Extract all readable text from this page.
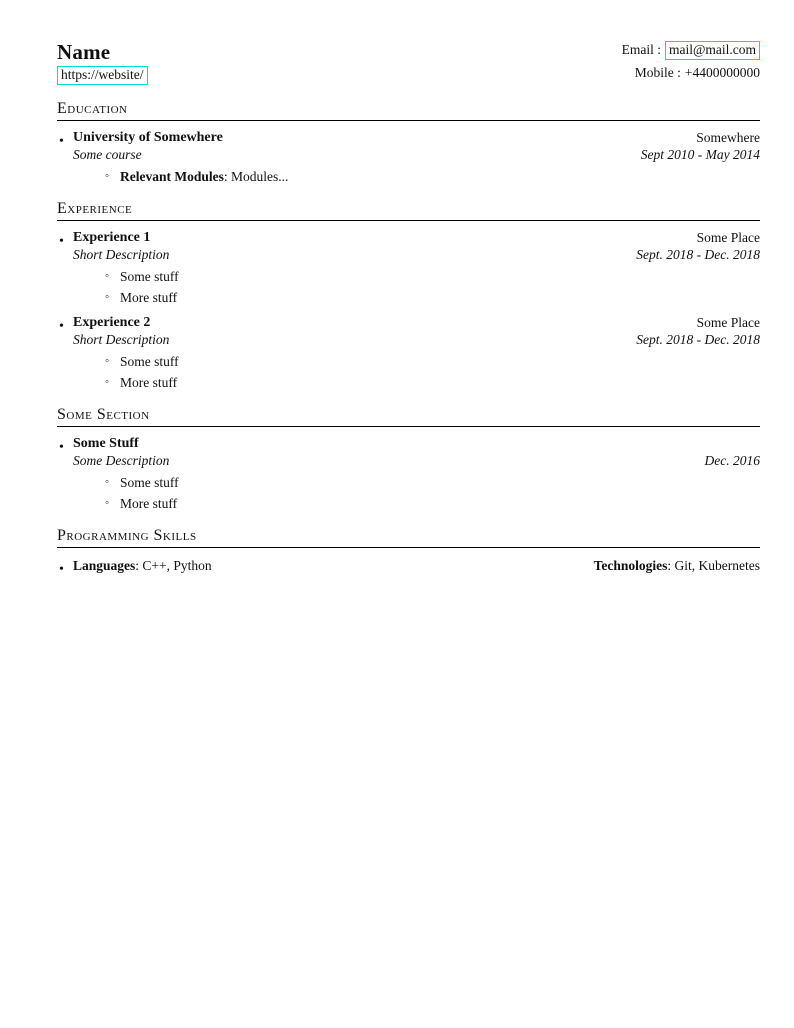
Name
https://website/
Email : mail@mail.com
Mobile : +4400000000
Education
• University of Somewhere	Somewhere
Some course	Sept 2010 - May 2014
◦ Relevant Modules: Modules...
Experience
• Experience 1	Some Place
Short Description	Sept. 2018 - Dec. 2018
◦ Some stuff
◦ More stuff
• Experience 2	Some Place
Short Description	Sept. 2018 - Dec. 2018
◦ Some stuff
◦ More stuff
Some Section
• Some Stuff
Some Description	Dec. 2016
◦ Some stuff
◦ More stuff
Programming Skills
• Languages: C++, Python	Technologies: Git, Kubernetes
